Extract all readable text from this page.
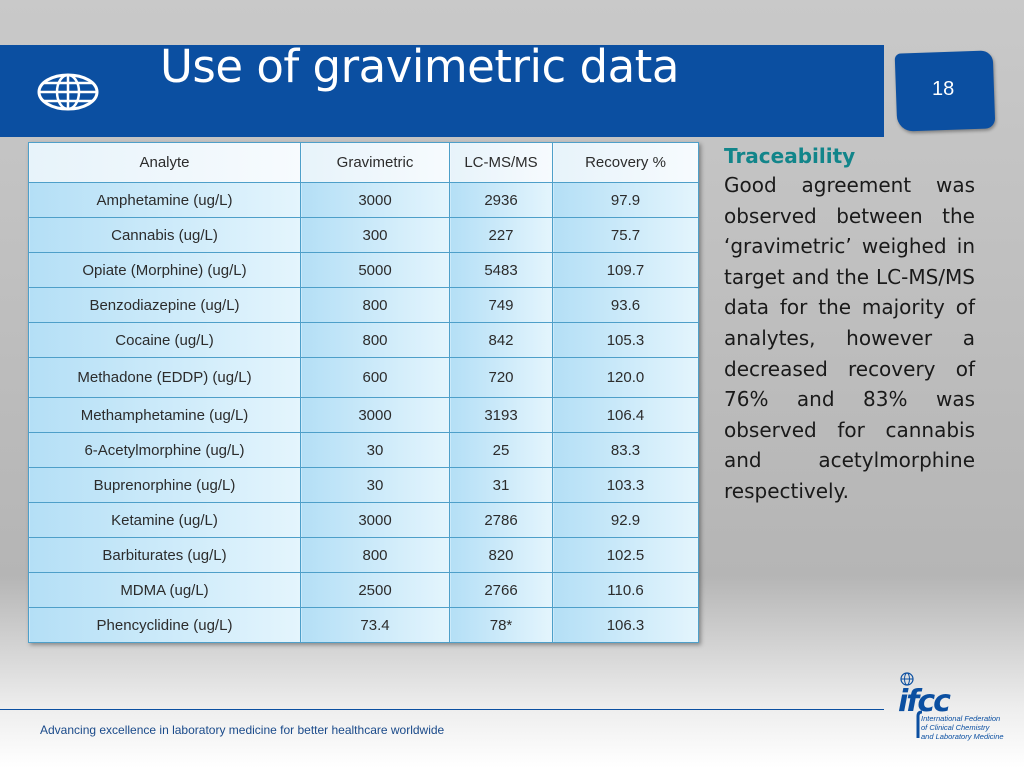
Use of gravimetric data	18
Analyte	Gravimetric	LC-MS/MS	Recovery %
Amphetamine (ug/L)	3000	2936	97.9
Cannabis (ug/L)	300	227	75.7
Opiate (Morphine) (ug/L)	5000	5483	109.7
Benzodiazepine (ug/L)	800	749	93.6
Cocaine (ug/L)	800	842	105.3
Methadone (EDDP) (ug/L)	600	720	120.0
Methamphetamine (ug/L)	3000	3193	106.4
6-Acetylmorphine (ug/L)	30	25	83.3
Buprenorphine (ug/L)	30	31	103.3
Ketamine (ug/L)	3000	2786	92.9
Barbiturates (ug/L)	800	820	102.5
MDMA (ug/L)	2500	2766	110.6
Phencyclidine (ug/L)	73.4	78*	106.3
Traceability

Good agreement was observed between the ‘gravimetric’ weighed in target and the LC-MS/MS data for the majority of analytes, however a decreased recovery of 76% and 83% was observed for cannabis and acetylmorphine respectively.

Advancing excellence in laboratory medicine for better healthcare worldwide
ifcc
International Federation
of Clinical Chemistry
and Laboratory Medicine
